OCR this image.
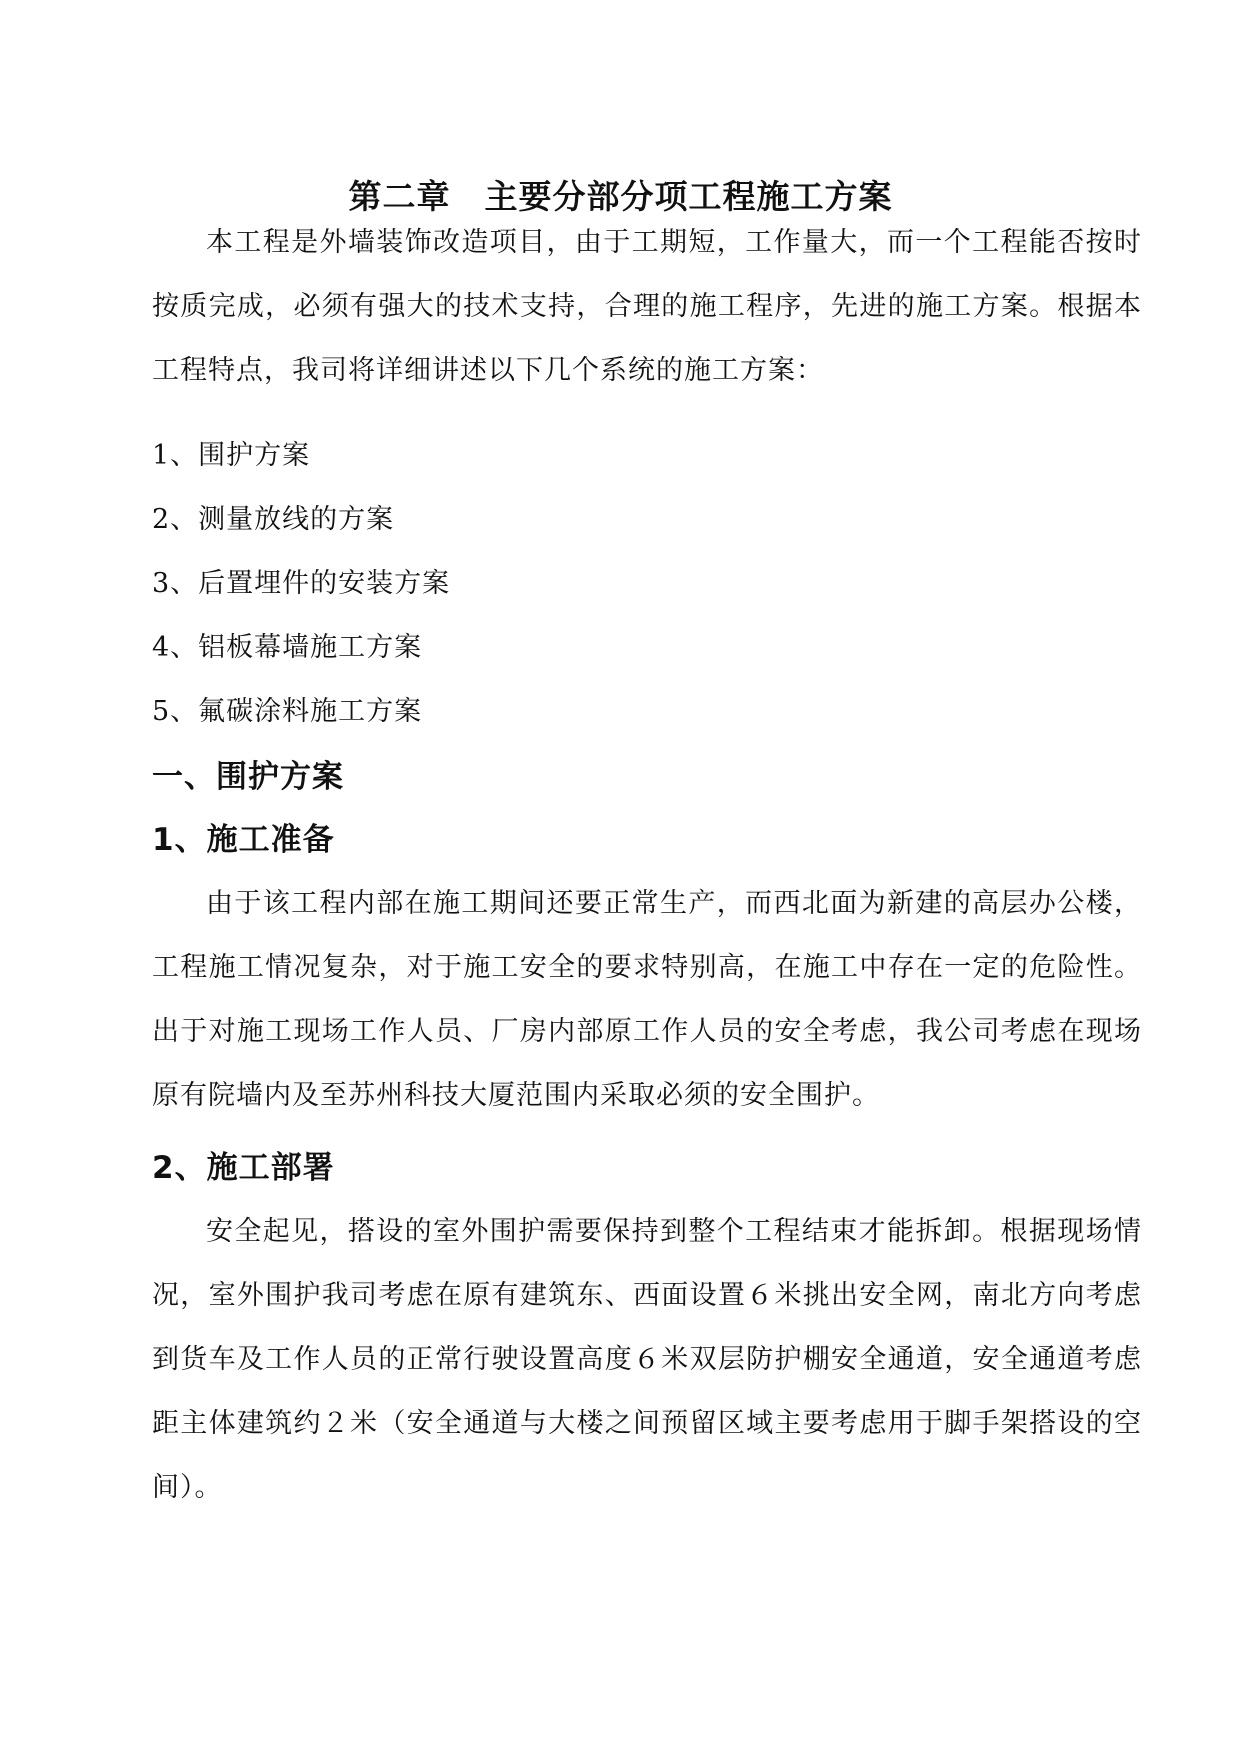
第二章　主要分部分项工程施工方案

本工程是外墙装饰改造项目，由于工期短，工作量大，而一个工程能否按时按质完成，必须有强大的技术支持，合理的施工程序，先进的施工方案。根据本工程特点，我司将详细讲述以下几个系统的施工方案：

1、围护方案

2、测量放线的方案

3、后置埋件的安装方案

4、铝板幕墙施工方案

5、氟碳涂料施工方案

一、围护方案
1、施工准备

由于该工程内部在施工期间还要正常生产，而西北面为新建的高层办公楼，工程施工情况复杂，对于施工安全的要求特别高，在施工中存在一定的危险性。出于对施工现场工作人员、厂房内部原工作人员的安全考虑，我公司考虑在现场原有院墙内及至苏州科技大厦范围内采取必须的安全围护。

2、施工部署

安全起见，搭设的室外围护需要保持到整个工程结束才能拆卸。根据现场情况，室外围护我司考虑在原有建筑东、西面设置６米挑出安全网，南北方向考虑到货车及工作人员的正常行驶设置高度６米双层防护棚安全通道，安全通道考虑距主体建筑约２米（安全通道与大楼之间预留区域主要考虑用于脚手架搭设的空间）。
